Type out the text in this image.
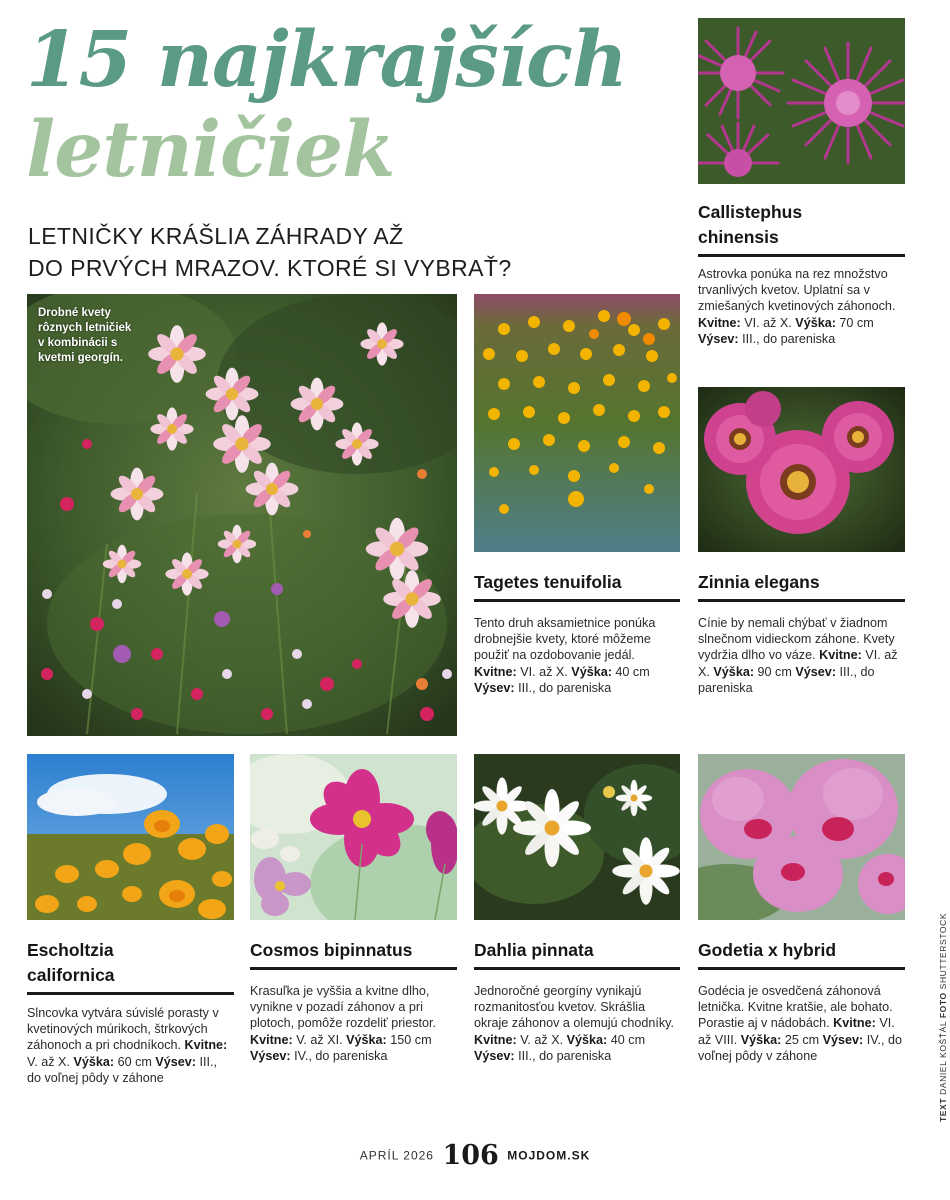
15 najkrajších
letničiek
LETNIČKY KRÁŠLIA ZÁHRADY AŽ
DO PRVÝCH MRAZOV. KTORÉ SI VYBRAŤ?
Drobné kvety rôznych letničiek v kombinácii s kvetmi georgín.
Callistephus
chinensis
Astrovka ponúka na rez množstvo trvanlivých kvetov. Uplatní sa v zmiešaných kvetinových záhonoch. Kvitne: VI. až X. Výška: 70 cm Výsev: III., do pareniska
Tagetes tenuifolia
Tento druh aksamietnice ponúka drobnejšie kvety, ktoré môžeme použiť na ozdobovanie jedál. Kvitne: VI. až X. Výška: 40 cm Výsev: III., do pareniska
Zinnia elegans
Cínie by nemali chýbať v žiadnom slnečnom vidieckom záhone. Kvety vydržia dlho vo váze. Kvitne: VI. až X. Výška: 90 cm Výsev: III., do pareniska
Escholtzia
californica
Slncovka vytvára súvislé porasty v kvetinových múrikoch, štrkových záhonoch a pri chodníkoch. Kvitne: V. až X. Výška: 60 cm Výsev: III., do voľnej pôdy v záhone
Cosmos bipinnatus
Krasuľka je vyššia a kvitne dlho, vynikne v pozadí záhonov a pri plotoch, pomôže rozdeliť priestor. Kvitne: V. až XI. Výška: 150 cm Výsev: IV., do pareniska
Dahlia pinnata
Jednoročné georgíny vynikajú rozmanitosťou kvetov. Skrášlia okraje záhonov a olemujú chodníky. Kvitne: V. až X. Výška: 40 cm Výsev: III., do pareniska
Godetia x hybrid
Godécia je osvedčená záhonová letnička. Kvitne kratšie, ale bohato. Porastie aj v nádobách. Kvitne: VI. až VIII. Výška: 25 cm Výsev: IV., do voľnej pôdy v záhone
TEXT DANIEL KOŠŤÁL FOTO SHUTTERSTOCK
APRÍL 2026 106 MOJDOM.SK
